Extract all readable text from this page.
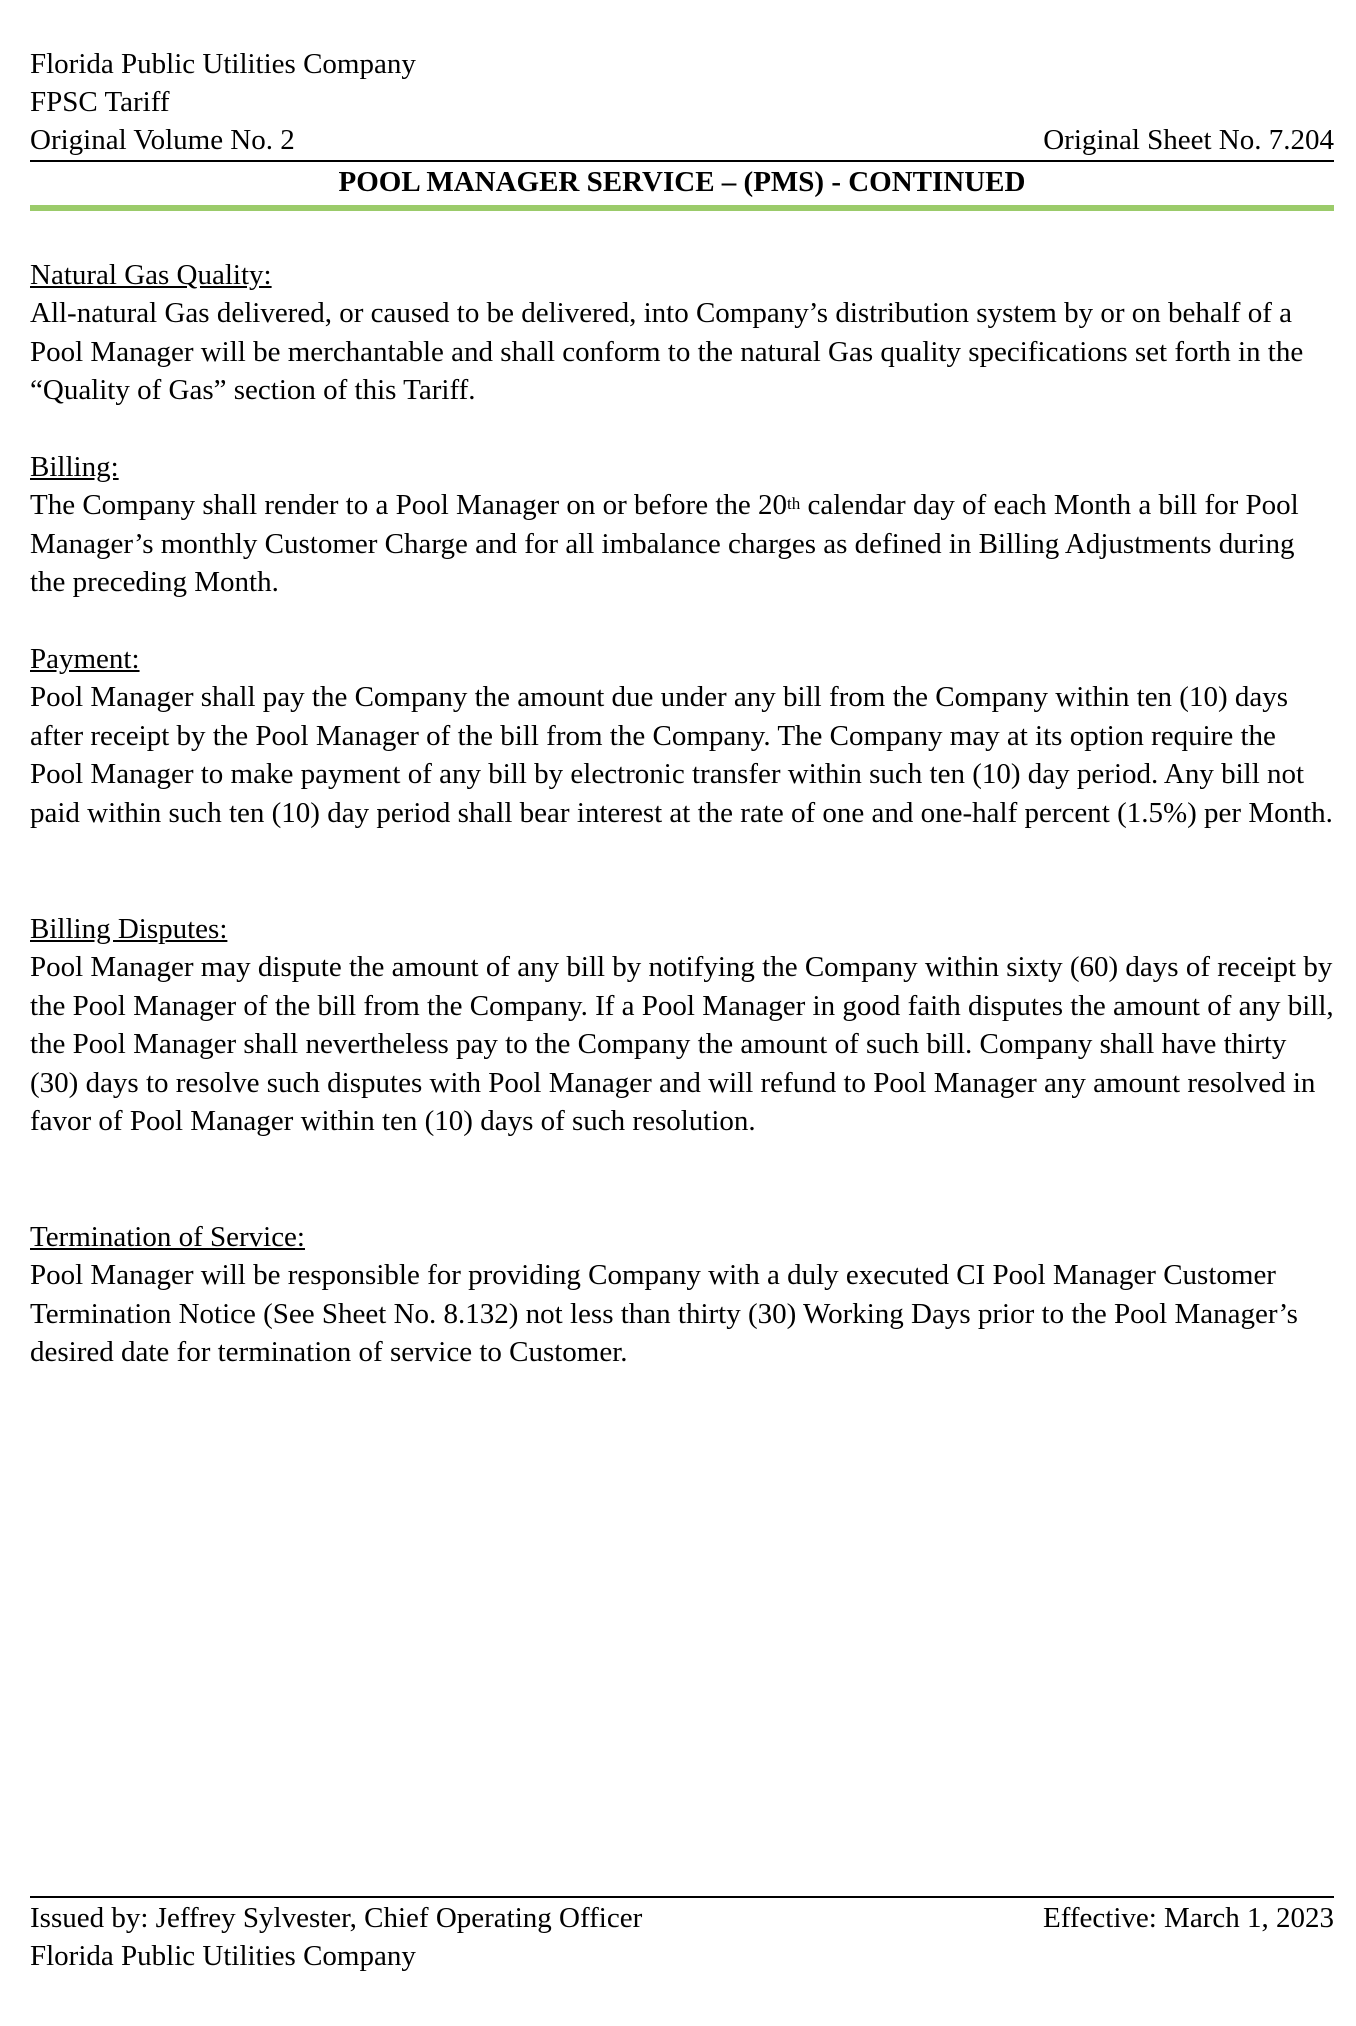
Florida Public Utilities Company
FPSC Tariff
Original Volume No. 2	Original Sheet No. 7.204
POOL MANAGER SERVICE – (PMS) - CONTINUED
Natural Gas Quality:

All-natural Gas delivered, or caused to be delivered, into Company’s distribution system by or on behalf of a Pool Manager will be merchantable and shall conform to the natural Gas quality specifications set forth in the “Quality of Gas” section of this Tariff.

Billing:

The Company shall render to a Pool Manager on or before the 20th calendar day of each Month a bill for Pool Manager’s monthly Customer Charge and for all imbalance charges as defined in Billing Adjustments during the preceding Month.

Payment:

Pool Manager shall pay the Company the amount due under any bill from the Company within ten (10) days after receipt by the Pool Manager of the bill from the Company. The Company may at its option require the Pool Manager to make payment of any bill by electronic transfer within such ten (10) day period. Any bill not paid within such ten (10) day period shall bear interest at the rate of one and one-half percent (1.5%) per Month.

Billing Disputes:

Pool Manager may dispute the amount of any bill by notifying the Company within sixty (60) days of receipt by the Pool Manager of the bill from the Company. If a Pool Manager in good faith disputes the amount of any bill, the Pool Manager shall nevertheless pay to the Company the amount of such bill. Company shall have thirty (30) days to resolve such disputes with Pool Manager and will refund to Pool Manager any amount resolved in favor of Pool Manager within ten (10) days of such resolution.

Termination of Service:

Pool Manager will be responsible for providing Company with a duly executed CI Pool Manager Customer Termination Notice (See Sheet No. 8.132) not less than thirty (30) Working Days prior to the Pool Manager’s desired date for termination of service to Customer.

Issued by: Jeffrey Sylvester, Chief Operating Officer	Effective: March 1, 2023
Florida Public Utilities Company
